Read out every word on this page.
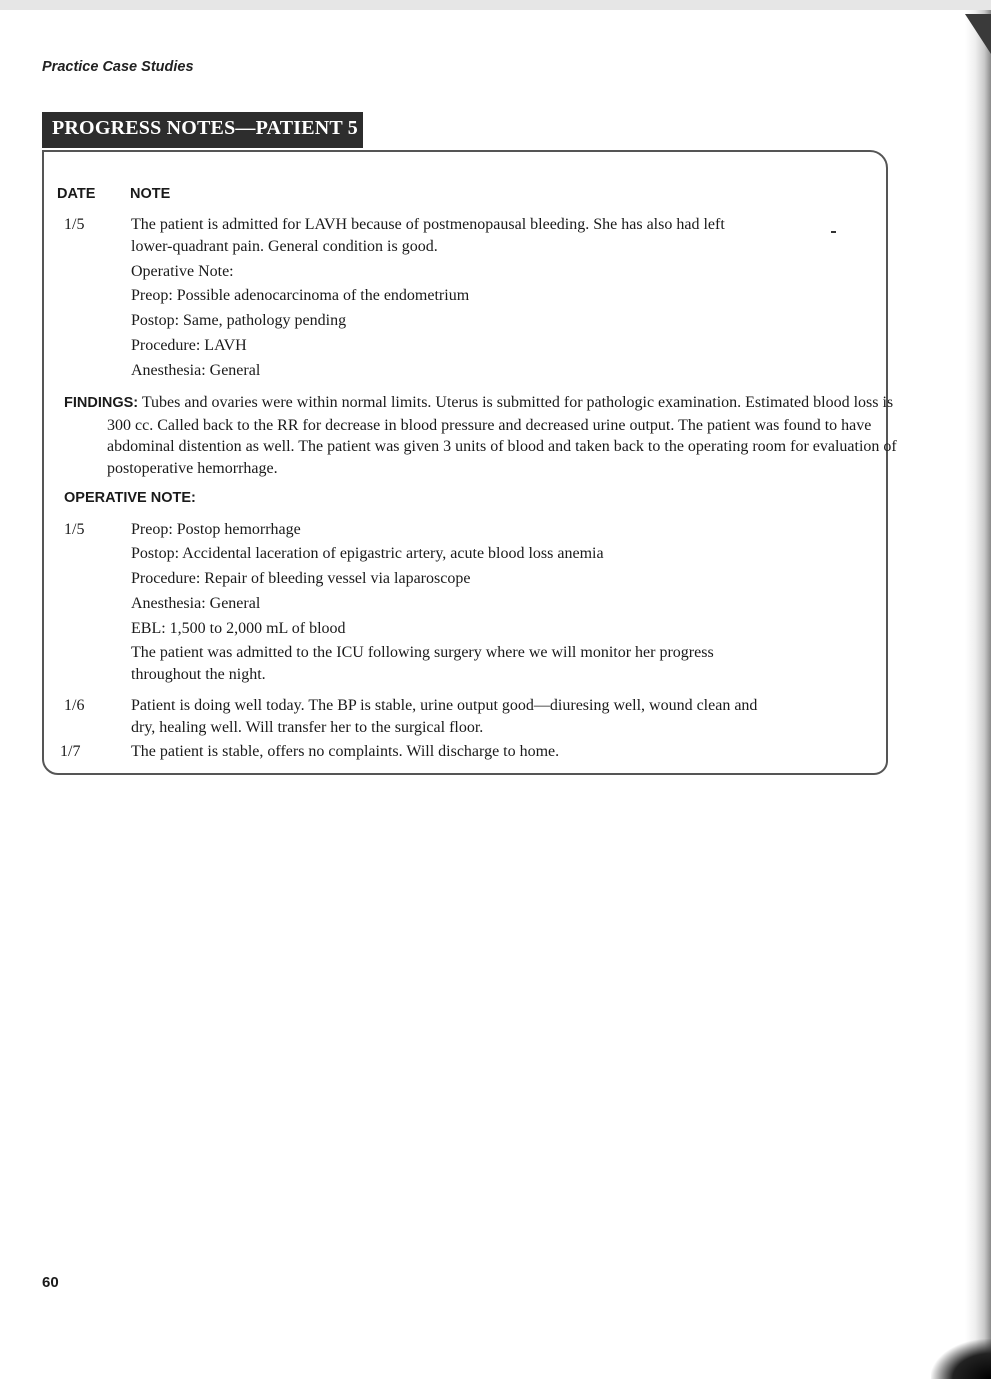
Practice Case Studies
PROGRESS NOTES—PATIENT 5
DATE NOTE
1/5	The patient is admitted for LAVH because of postmenopausal bleeding. She has also had left
lower-quadrant pain. General condition is good.
Operative Note:
Preop: Possible adenocarcinoma of the endometrium
Postop: Same, pathology pending
Procedure: LAVH
Anesthesia: General
FINDINGS: Tubes and ovaries were within normal limits. Uterus is submitted for pathologic examination. Estimated blood loss is 300 cc. Called back to the RR for decrease in blood pressure and decreased urine output. The patient was found to have abdominal distention as well. The patient was given 3 units of blood and taken back to the operating room for evaluation of postoperative hemorrhage.
OPERATIVE NOTE:
1/5	Preop: Postop hemorrhage
Postop: Accidental laceration of epigastric artery, acute blood loss anemia
Procedure: Repair of bleeding vessel via laparoscope
Anesthesia: General
EBL: 1,500 to 2,000 mL of blood
The patient was admitted to the ICU following surgery where we will monitor her progress
throughout the night.
1/6	Patient is doing well today. The BP is stable, urine output good—diuresing well, wound clean and
dry, healing well. Will transfer her to the surgical floor.
1/7	The patient is stable, offers no complaints. Will discharge to home.
60
